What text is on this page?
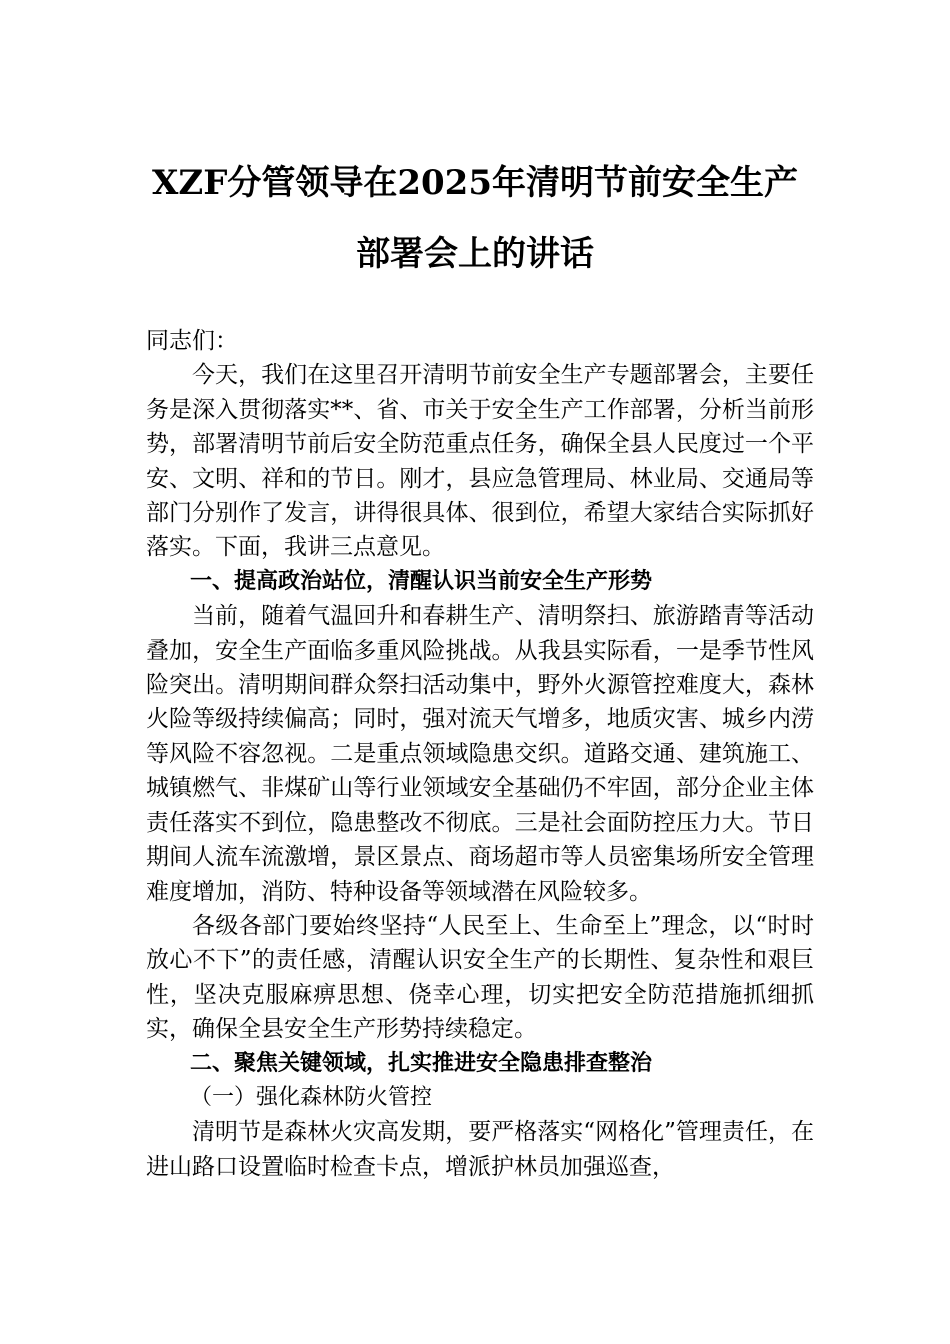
XZF分管领导在2025年清明节前安全生产
部署会上的讲话

同志们：

今天，我们在这里召开清明节前安全生产专题部署会，主要任务是深入贯彻落实**、省、市关于安全生产工作部署，分析当前形势，部署清明节前后安全防范重点任务，确保全县人民度过一个平安、文明、祥和的节日。刚才，县应急管理局、林业局、交通局等部门分别作了发言，讲得很具体、很到位，希望大家结合实际抓好落实。下面，我讲三点意见。

一、提高政治站位，清醒认识当前安全生产形势

当前，随着气温回升和春耕生产、清明祭扫、旅游踏青等活动叠加，安全生产面临多重风险挑战。从我县实际看，一是季节性风险突出。清明期间群众祭扫活动集中，野外火源管控难度大，森林火险等级持续偏高；同时，强对流天气增多，地质灾害、城乡内涝等风险不容忽视。二是重点领域隐患交织。道路交通、建筑施工、城镇燃气、非煤矿山等行业领域安全基础仍不牢固，部分企业主体责任落实不到位，隐患整改不彻底。三是社会面防控压力大。节日期间人流车流激增，景区景点、商场超市等人员密集场所安全管理难度增加，消防、特种设备等领域潜在风险较多。

各级各部门要始终坚持“人民至上、生命至上”理念，以“时时放心不下”的责任感，清醒认识安全生产的长期性、复杂性和艰巨性，坚决克服麻痹思想、侥幸心理，切实把安全防范措施抓细抓实，确保全县安全生产形势持续稳定。

二、聚焦关键领域，扎实推进安全隐患排查整治

（一）强化森林防火管控

清明节是森林火灾高发期，要严格落实“网格化”管理责任，在进山路口设置临时检查卡点，增派护林员加强巡查，
